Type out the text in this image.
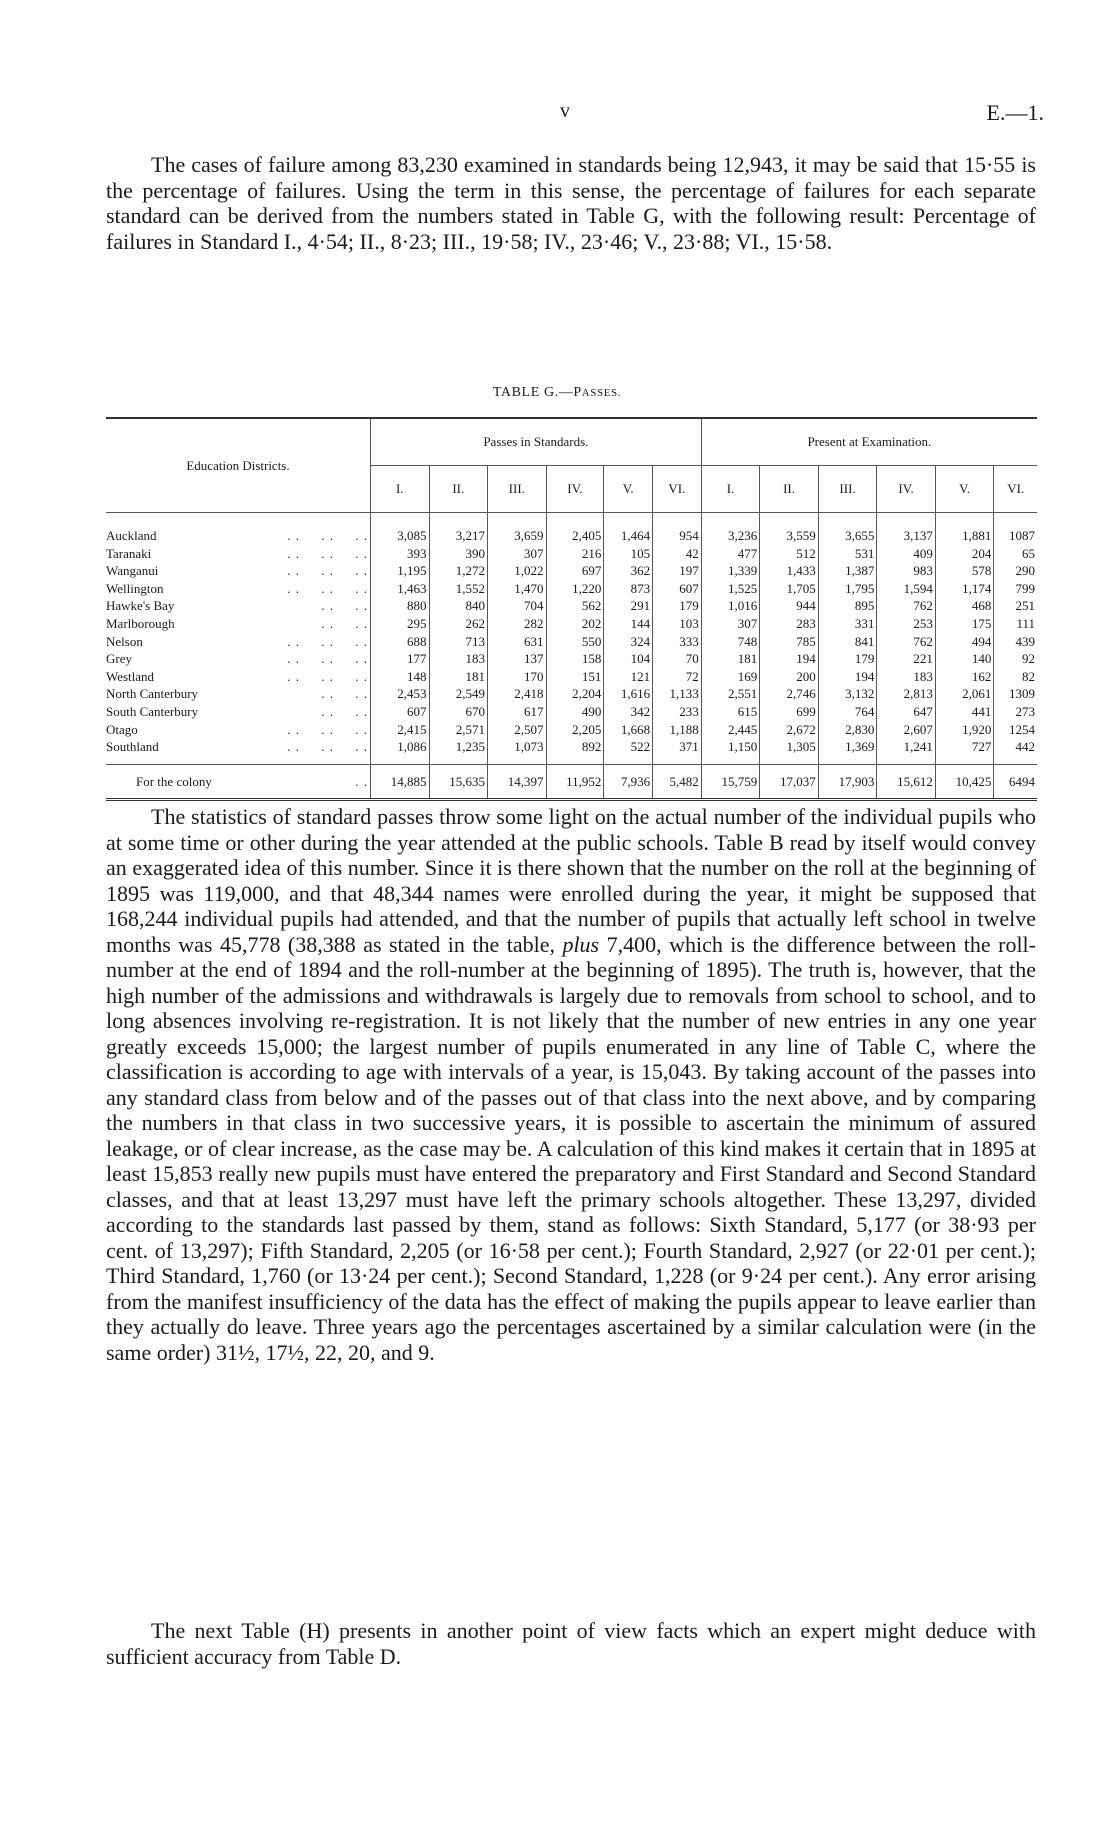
v	E.—1.

The cases of failure among 83,230 examined in standards being 12,943, it may be said that 15·55 is the percentage of failures. Using the term in this sense, the percentage of failures for each separate standard can be derived from the numbers stated in Table G, with the following result: Percentage of failures in Standard I., 4·54; II., 8·23; III., 19·58; IV., 23·46; V., 23·88; VI., 15·58.

TABLE G.—PASSES.
Education Districts.	Passes in Standards.						Present at Examination.					
	I.	II.	III.	IV.	V.	VI.	I.	II.	III.	IV.	V.	VI.

Auckland . .     . .     . .	3,085	3,217	3,659	2,405	1,464	954	3,236	3,559	3,655	3,137	1,881	1087

Taranaki . .     . .     . .	393	390	307	216	105	42	477	512	531	409	204	65

Wanganui . .     . .     . .	1,195	1,272	1,022	697	362	197	1,339	1,433	1,387	983	578	290

Wellington . .     . .     . .	1,463	1,552	1,470	1,220	873	607	1,525	1,705	1,795	1,594	1,174	799

Hawke's Bay . .     . .	880	840	704	562	291	179	1,016	944	895	762	468	251

Marlborough . .     . .	295	262	282	202	144	103	307	283	331	253	175	111

Nelson . .     . .     . .	688	713	631	550	324	333	748	785	841	762	494	439

Grey . .     . .     . .	177	183	137	158	104	70	181	194	179	221	140	92

Westland . .     . .     . .	148	181	170	151	121	72	169	200	194	183	162	82

North Canterbury . .     . .	2,453	2,549	2,418	2,204	1,616	1,133	2,551	2,746	3,132	2,813	2,061	1309

South Canterbury . .     . .	607	670	617	490	342	233	615	699	764	647	441	273

Otago . .     . .     . .	2,415	2,571	2,507	2,205	1,668	1,188	2,445	2,672	2,830	2,607	1,920	1254

Southland . .     . .     . .	1,086	1,235	1,073	892	522	371	1,150	1,305	1,369	1,241	727	442

For the colony . .	14,885	15,635	14,397	11,952	7,936	5,482	15,759	17,037	17,903	15,612	10,425	6494

The statistics of standard passes throw some light on the actual number of the individual pupils who at some time or other during the year attended at the public schools. Table B read by itself would convey an exaggerated idea of this number. Since it is there shown that the number on the roll at the beginning of 1895 was 119,000, and that 48,344 names were enrolled during the year, it might be supposed that 168,244 individual pupils had attended, and that the number of pupils that actually left school in twelve months was 45,778 (38,388 as stated in the table, plus 7,400, which is the difference between the roll-number at the end of 1894 and the roll-number at the beginning of 1895). The truth is, however, that the high number of the admissions and withdrawals is largely due to removals from school to school, and to long absences involving re-registration. It is not likely that the number of new entries in any one year greatly exceeds 15,000; the largest number of pupils enumerated in any line of Table C, where the classification is according to age with intervals of a year, is 15,043. By taking account of the passes into any standard class from below and of the passes out of that class into the next above, and by comparing the numbers in that class in two successive years, it is possible to ascertain the minimum of assured leakage, or of clear increase, as the case may be. A calculation of this kind makes it certain that in 1895 at least 15,853 really new pupils must have entered the preparatory and First Standard and Second Standard classes, and that at least 13,297 must have left the primary schools altogether. These 13,297, divided according to the standards last passed by them, stand as follows: Sixth Standard, 5,177 (or 38·93 per cent. of 13,297); Fifth Standard, 2,205 (or 16·58 per cent.); Fourth Standard, 2,927 (or 22·01 per cent.); Third Standard, 1,760 (or 13·24 per cent.); Second Standard, 1,228 (or 9·24 per cent.). Any error arising from the manifest insufficiency of the data has the effect of making the pupils appear to leave earlier than they actually do leave. Three years ago the percentages ascertained by a similar calculation were (in the same order) 31½, 17½, 22, 20, and 9.

The next Table (H) presents in another point of view facts which an expert might deduce with sufficient accuracy from Table D.
